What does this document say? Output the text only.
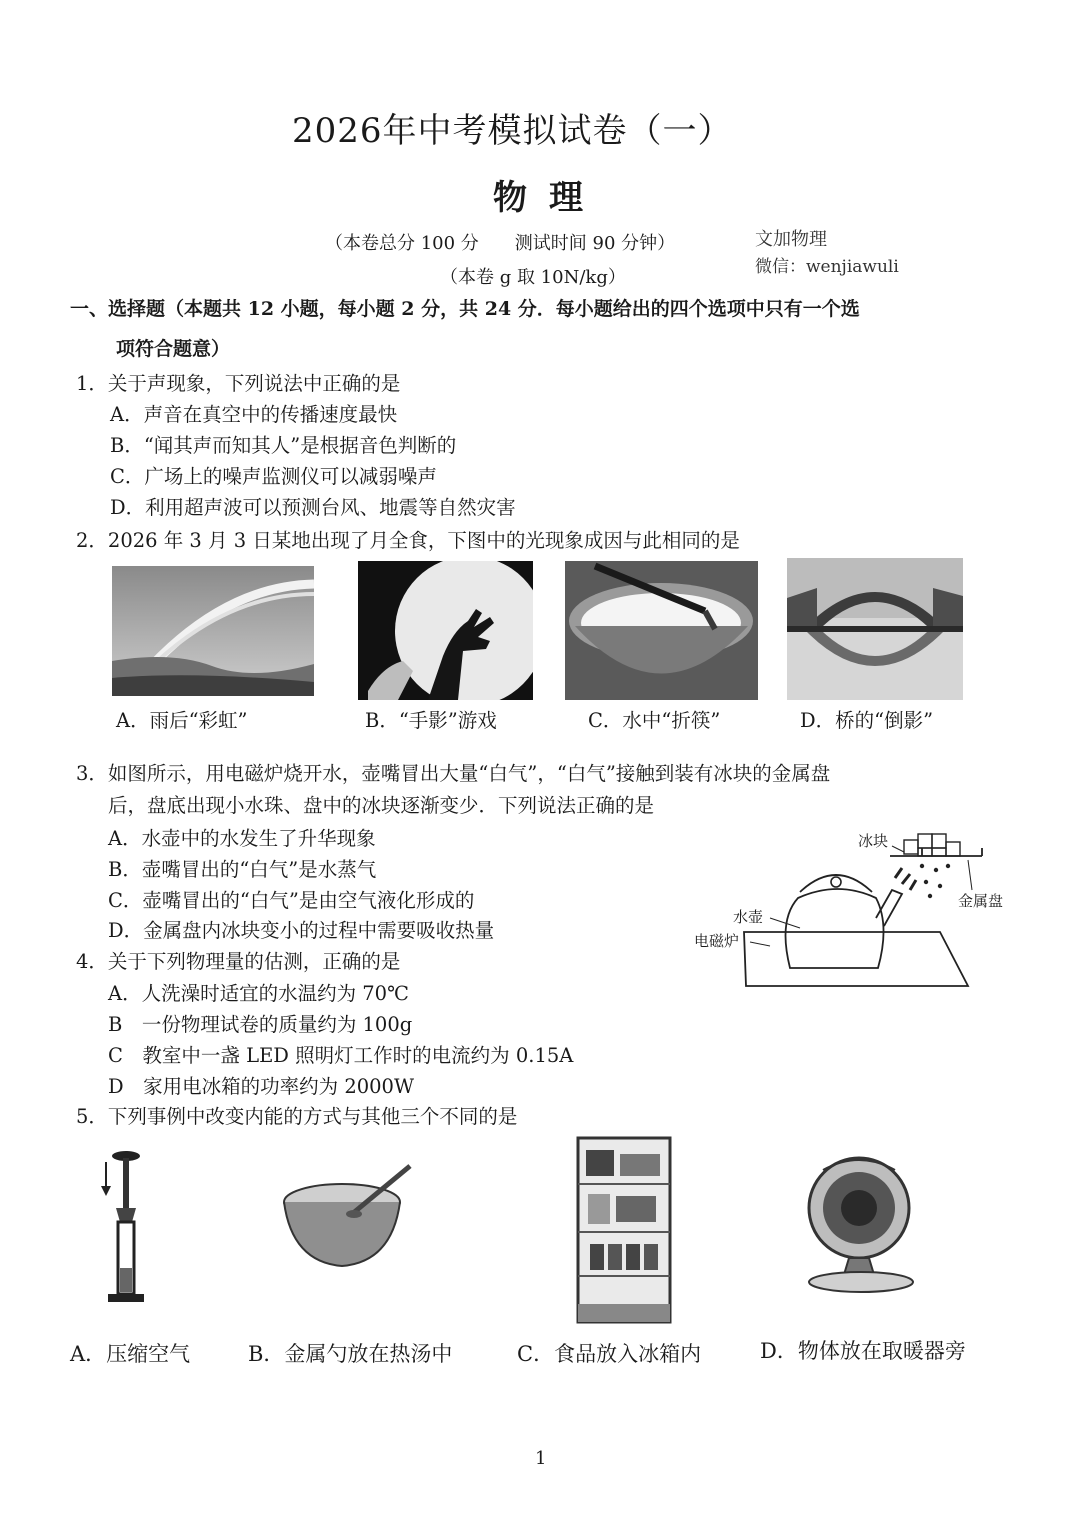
2026年中考模拟试卷（一）
物理
（本卷总分 100 分　　测试时间 90 分钟）
（本卷 g 取 10N/kg）
文加物理
微信：wenjiawuli
一、选择题（本题共 12 小题，每小题 2 分，共 24 分．每小题给出的四个选项中只有一个选
项符合题意）
1．关于声现象，下列说法中正确的是
A．声音在真空中的传播速度最快
B．“闻其声而知其人”是根据音色判断的
C．广场上的噪声监测仪可以减弱噪声
D．利用超声波可以预测台风、地震等自然灾害
2．2026 年 3 月 3 日某地出现了月全食，下图中的光现象成因与此相同的是
A．雨后“彩虹”	B．“手影”游戏	C．水中“折筷”	D．桥的“倒影”
3．如图所示，用电磁炉烧开水，壶嘴冒出大量“白气”，“白气”接触到装有冰块的金属盘
后，盘底出现小水珠、盘中的冰块逐渐变少．下列说法正确的是
A．水壶中的水发生了升华现象
B．壶嘴冒出的“白气”是水蒸气
C．壶嘴冒出的“白气”是由空气液化形成的
D．金属盘内冰块变小的过程中需要吸收热量
冰块
金属盘
水壶
电磁炉
4．关于下列物理量的估测，正确的是
A．人洗澡时适宜的水温约为 70℃
B　一份物理试卷的质量约为 100g
C　教室中一盏 LED 照明灯工作时的电流约为 0.15A
D　家用电冰箱的功率约为 2000W
5．下列事例中改变内能的方式与其他三个不同的是
A．压缩空气	B．金属勺放在热汤中	C．食品放入冰箱内	D．物体放在取暖器旁
1
